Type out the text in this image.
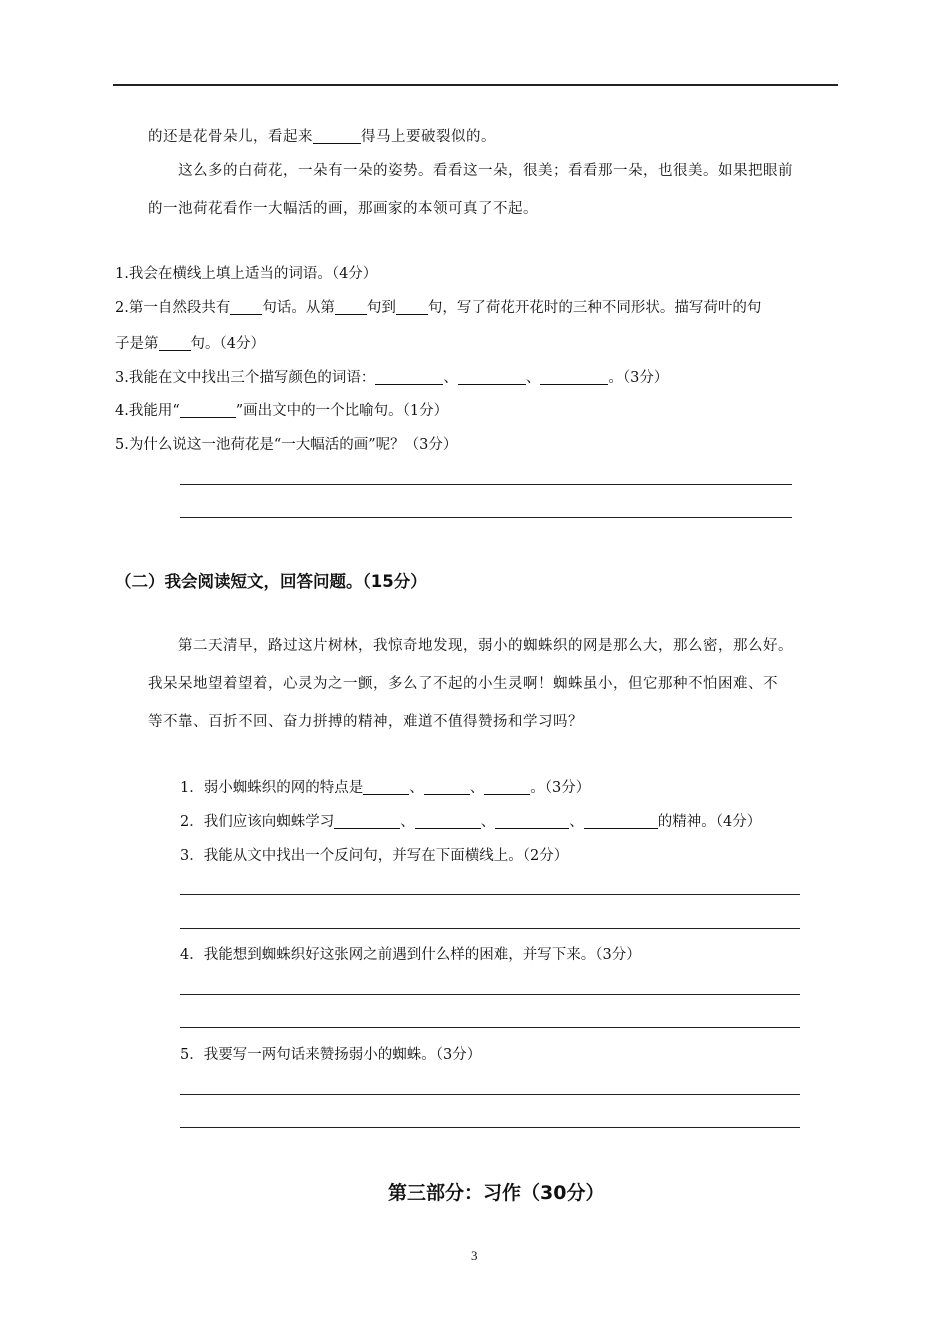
的还是花骨朵儿，看起来	得马上要破裂似的。
这么多的白荷花，一朵有一朵的姿势。看看这一朵，很美；看看那一朵，也很美。如果把眼前
的一池荷花看作一大幅活的画，那画家的本领可真了不起。
1.我会在横线上填上适当的词语。（4分）
2.第一自然段共有 句话。从第 句到 句，写了荷花开花时的三种不同形状。描写荷叶的句
子是第 句。（4分）
3.我能在文中找出三个描写颜色的词语：	、	、	。（3分）
4.我能用“	”画出文中的一个比喻句。（1分）
5.为什么说这一池荷花是“一大幅活的画”呢？（3分）
（二）我会阅读短文，回答问题。（15分）
第二天清早，路过这片树林，我惊奇地发现，弱小的蜘蛛织的网是那么大，那么密，那么好。
我呆呆地望着望着，心灵为之一颤，多么了不起的小生灵啊！蜘蛛虽小，但它那种不怕困难、不
等不靠、百折不回、奋力拼搏的精神，难道不值得赞扬和学习吗？
1．弱小蜘蛛织的网的特点是	、	、	。（3分）
2．我们应该向蜘蛛学习	、	、	、	的精神。（4分）
3．我能从文中找出一个反问句，并写在下面横线上。（2分）
4．我能想到蜘蛛织好这张网之前遇到什么样的困难，并写下来。（3分）
5．我要写一两句话来赞扬弱小的蜘蛛。（3分）
第三部分：习作（30分）
3
